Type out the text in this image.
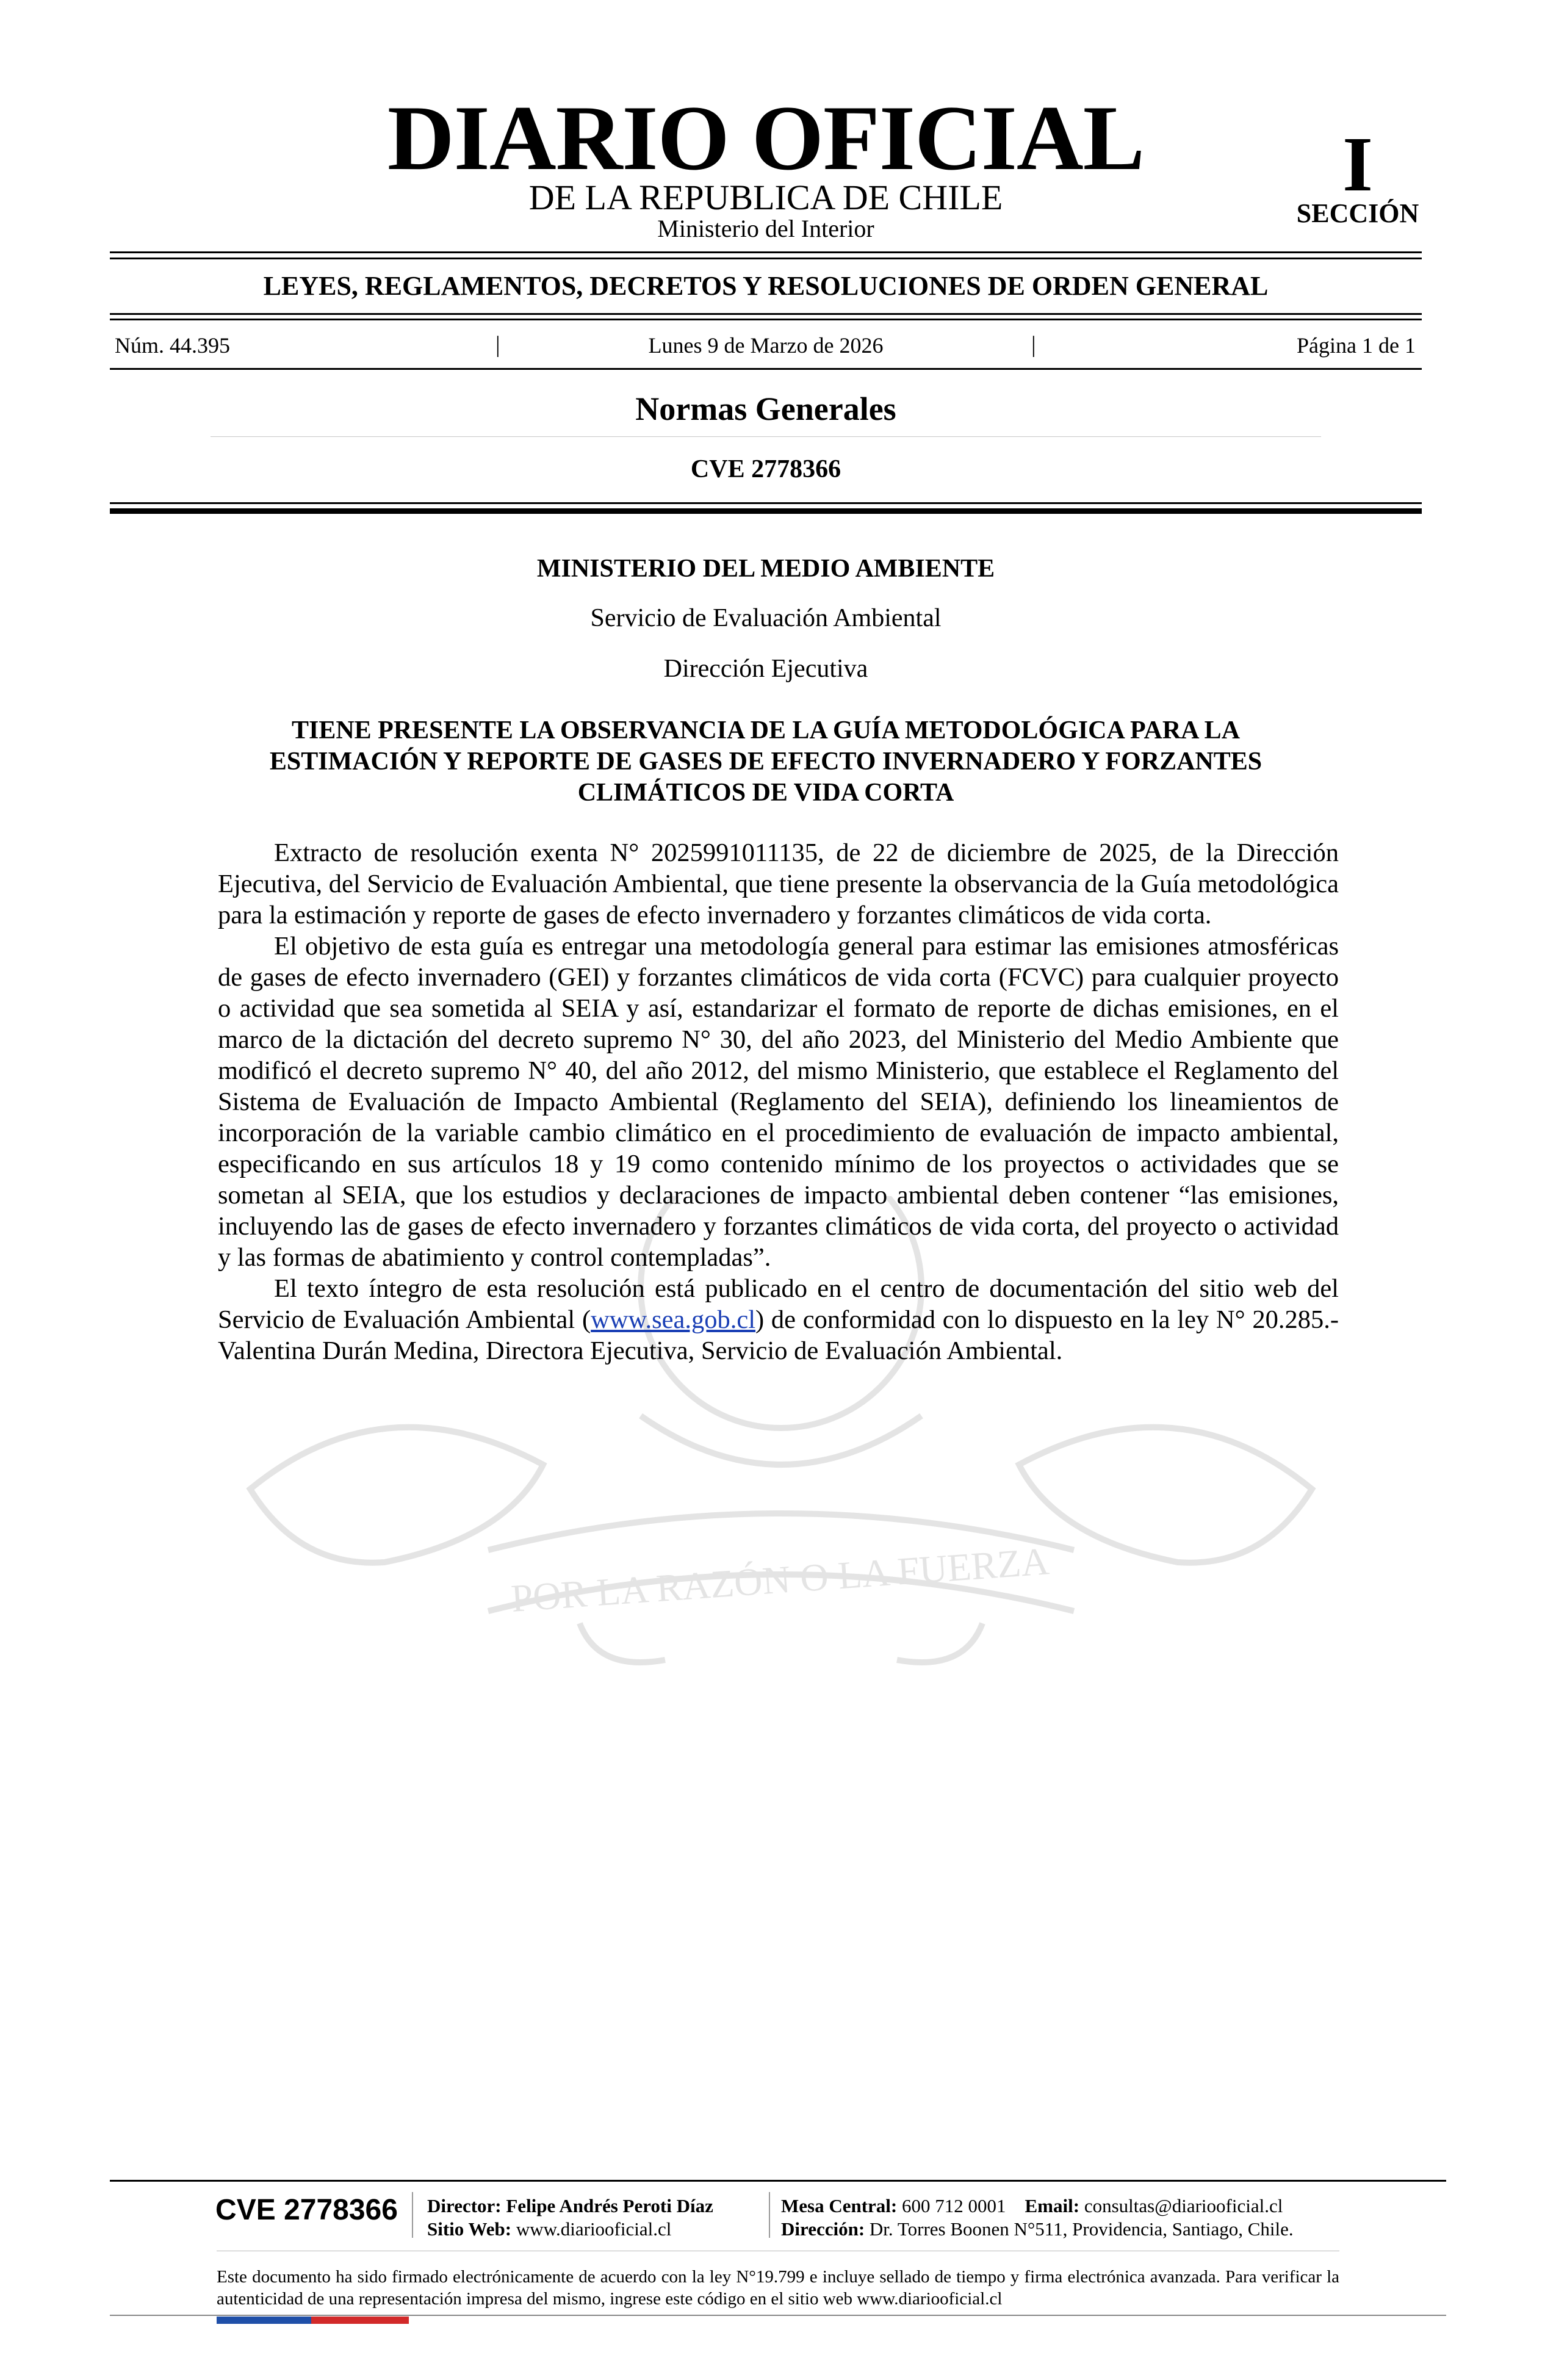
DIARIO OFICIAL
DE LA REPUBLICA DE CHILE
Ministerio del Interior
I
SECCIÓN
LEYES, REGLAMENTOS, DECRETOS Y RESOLUCIONES DE ORDEN GENERAL
Núm. 44.395	|	Lunes 9 de Marzo de 2026	|	Página 1 de 1
Normas Generales
CVE 2778366
POR LA RAZÓN O LA FUERZA
MINISTERIO DEL MEDIO AMBIENTE
Servicio de Evaluación Ambiental
Dirección Ejecutiva
TIENE PRESENTE LA OBSERVANCIA DE LA GUÍA METODOLÓGICA PARA LA ESTIMACIÓN Y REPORTE DE GASES DE EFECTO INVERNADERO Y FORZANTES CLIMÁTICOS DE VIDA CORTA

Extracto de resolución exenta N° 2025991011135, de 22 de diciembre de 2025, de la Dirección Ejecutiva, del Servicio de Evaluación Ambiental, que tiene presente la observancia de la Guía metodológica para la estimación y reporte de gases de efecto invernadero y forzantes climáticos de vida corta.

El objetivo de esta guía es entregar una metodología general para estimar las emisiones atmosféricas de gases de efecto invernadero (GEI) y forzantes climáticos de vida corta (FCVC) para cualquier proyecto o actividad que sea sometida al SEIA y así, estandarizar el formato de reporte de dichas emisiones, en el marco de la dictación del decreto supremo N° 30, del año 2023, del Ministerio del Medio Ambiente que modificó el decreto supremo N° 40, del año 2012, del mismo Ministerio, que establece el Reglamento del Sistema de Evaluación de Impacto Ambiental (Reglamento del SEIA), definiendo los lineamientos de incorporación de la variable cambio climático en el procedimiento de evaluación de impacto ambiental, especificando en sus artículos 18 y 19 como contenido mínimo de los proyectos o actividades que se sometan al SEIA, que los estudios y declaraciones de impacto ambiental deben contener “las emisiones, incluyendo las de gases de efecto invernadero y forzantes climáticos de vida corta, del proyecto o actividad y las formas de abatimiento y control contempladas”.

El texto íntegro de esta resolución está publicado en el centro de documentación del sitio web del Servicio de Evaluación Ambiental (www.sea.gob.cl) de conformidad con lo dispuesto en la ley N° 20.285.- Valentina Durán Medina, Directora Ejecutiva, Servicio de Evaluación Ambiental.

CVE 2778366	Director: Felipe Andrés Peroti Díaz
Sitio Web: www.diariooficial.cl
Mesa Central: 600 712 0001 Email: consultas@diariooficial.cl
Dirección: Dr. Torres Boonen N°511, Providencia, Santiago, Chile.
Este documento ha sido firmado electrónicamente de acuerdo con la ley N°19.799 e incluye sellado de tiempo y firma electrónica avanzada. Para verificar la autenticidad de una representación impresa del mismo, ingrese este código en el sitio web www.diariooficial.cl
